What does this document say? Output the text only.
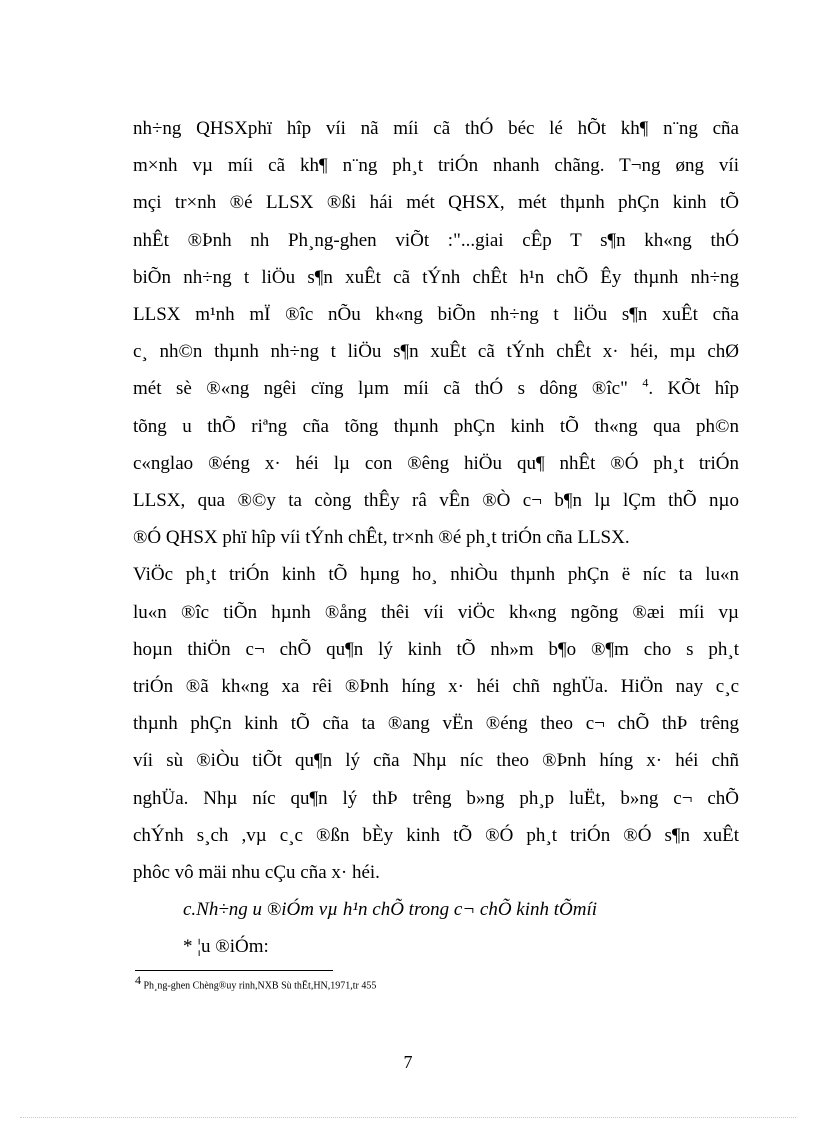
nh÷ng QHSXphï hîp víi nã míi cã thÓ béc lé hÕt kh¶ n¨ng cña
m×nh vµ míi cã kh¶ n¨ng ph¸t triÓn nhanh chãng. T¬ng øng víi
mçi tr×nh ®é LLSX ®ßi hái mét QHSX, mét thµnh phÇn kinh tÕ
nhÊt ®Þnh nh Ph¸ng-ghen viÕt :"...giai cÊp T s¶n kh«ng thÓ
biÕn nh÷ng t liÖu s¶n xuÊt cã tÝnh chÊt h¹n chÕ Êy thµnh nh÷ng
LLSX m¹nh mÏ ®îc nÕu kh«ng biÕn nh÷ng t liÖu s¶n xuÊt cña
c¸ nh©n thµnh nh÷ng t liÖu s¶n xuÊt cã tÝnh chÊt x· héi, mµ chØ
mét sè ®«ng ngêi cïng lµm míi cã thÓ s dông ®îc" $^4$. KÕt hîp
tõng u thÕ riªng cña tõng thµnh phÇn kinh tÕ th«ng qua ph©n
c«nglao ®éng x· héi lµ con ®êng hiÖu qu¶ nhÊt ®Ó ph¸t triÓn
LLSX, qua ®©y ta còng thÊy râ vÊn ®Ò c¬ b¶n lµ lÇm thÕ nµo
®Ó QHSX phï hîp víi tÝnh chÊt, tr×nh ®é ph¸t triÓn cña LLSX.
ViÖc ph¸t triÓn kinh tÕ hµng ho¸ nhiÒu thµnh phÇn ë níc ta lu«n
lu«n ®îc tiÕn hµnh ®ång thêi víi viÖc kh«ng ngõng ®æi míi vµ
hoµn thiÖn c¬ chÕ qu¶n lý kinh tÕ nh»m b¶o ®¶m cho s ph¸t
triÓn ®ã kh«ng xa rêi ®Þnh híng x· héi chñ nghÜa. HiÖn nay c¸c
thµnh phÇn kinh tÕ cña ta ®ang vËn ®éng theo c¬ chÕ thÞ trêng
víi sù ®iÒu tiÕt qu¶n lý cña Nhµ níc theo ®Þnh híng x· héi chñ
nghÜa. Nhµ níc qu¶n lý thÞ trêng b»ng ph¸p luËt, b»ng c¬ chÕ
chÝnh s¸ch ,vµ c¸c ®ßn bÈy kinh tÕ ®Ó ph¸t triÓn ®Ó s¶n xuÊt
phôc vô mäi nhu cÇu cña x· héi.
c.Nh÷ng u ®iÓm vµ h¹n chÕ trong c¬ chÕ kinh tÕmíi
* ¦u ®iÓm:
$^4$ Ph¸ng-ghen Chèng®uy rinh,NXB Sù thËt,HN,1971,tr 455
7
